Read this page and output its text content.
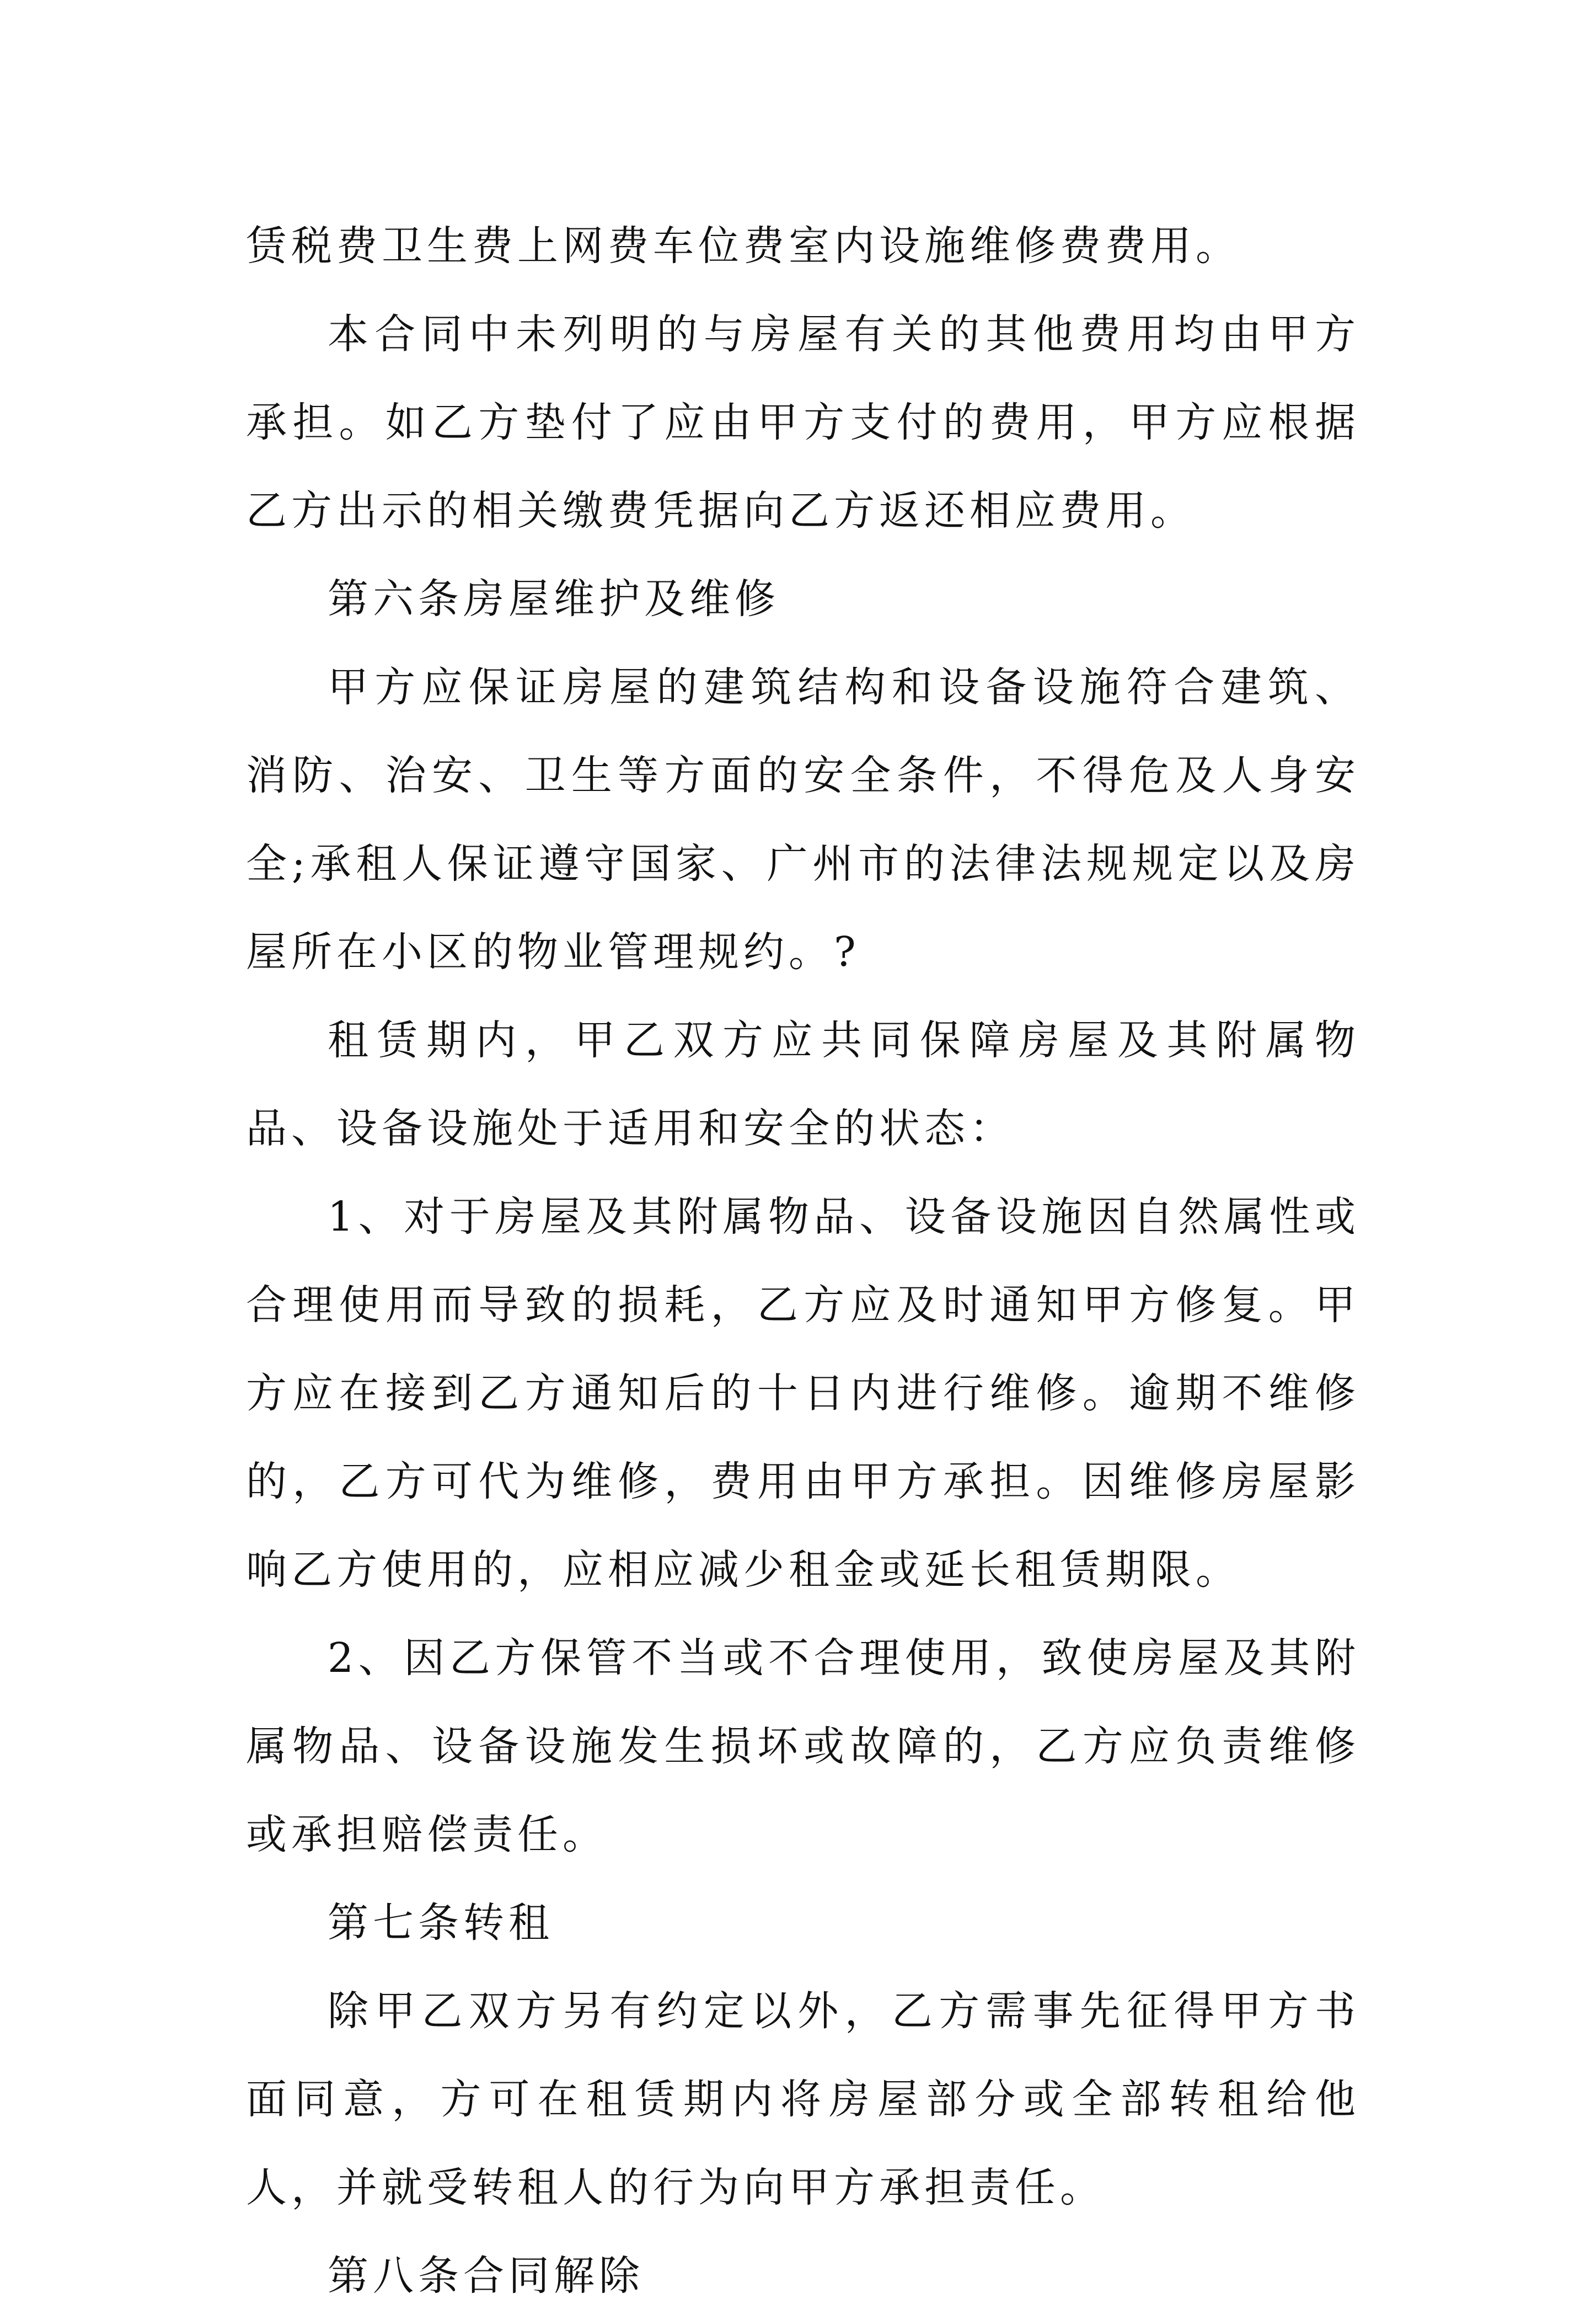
赁税费卫生费上网费车位费室内设施维修费费用。

本合同中未列明的与房屋有关的其他费用均由甲方承担。如乙方垫付了应由甲方支付的费用，甲方应根据乙方出示的相关缴费凭据向乙方返还相应费用。

第六条房屋维护及维修

甲方应保证房屋的建筑结构和设备设施符合建筑、消防、治安、卫生等方面的安全条件，不得危及人身安全;承租人保证遵守国家、广州市的法律法规规定以及房屋所在小区的物业管理规约。?

租赁期内，甲乙双方应共同保障房屋及其附属物品、设备设施处于适用和安全的状态：

1、对于房屋及其附属物品、设备设施因自然属性或合理使用而导致的损耗，乙方应及时通知甲方修复。甲方应在接到乙方通知后的十日内进行维修。逾期不维修的，乙方可代为维修，费用由甲方承担。因维修房屋影响乙方使用的，应相应减少租金或延长租赁期限。

2、因乙方保管不当或不合理使用，致使房屋及其附属物品、设备设施发生损坏或故障的，乙方应负责维修或承担赔偿责任。

第七条转租

除甲乙双方另有约定以外，乙方需事先征得甲方书面同意，方可在租赁期内将房屋部分或全部转租给他人，并就受转租人的行为向甲方承担责任。

第八条合同解除
